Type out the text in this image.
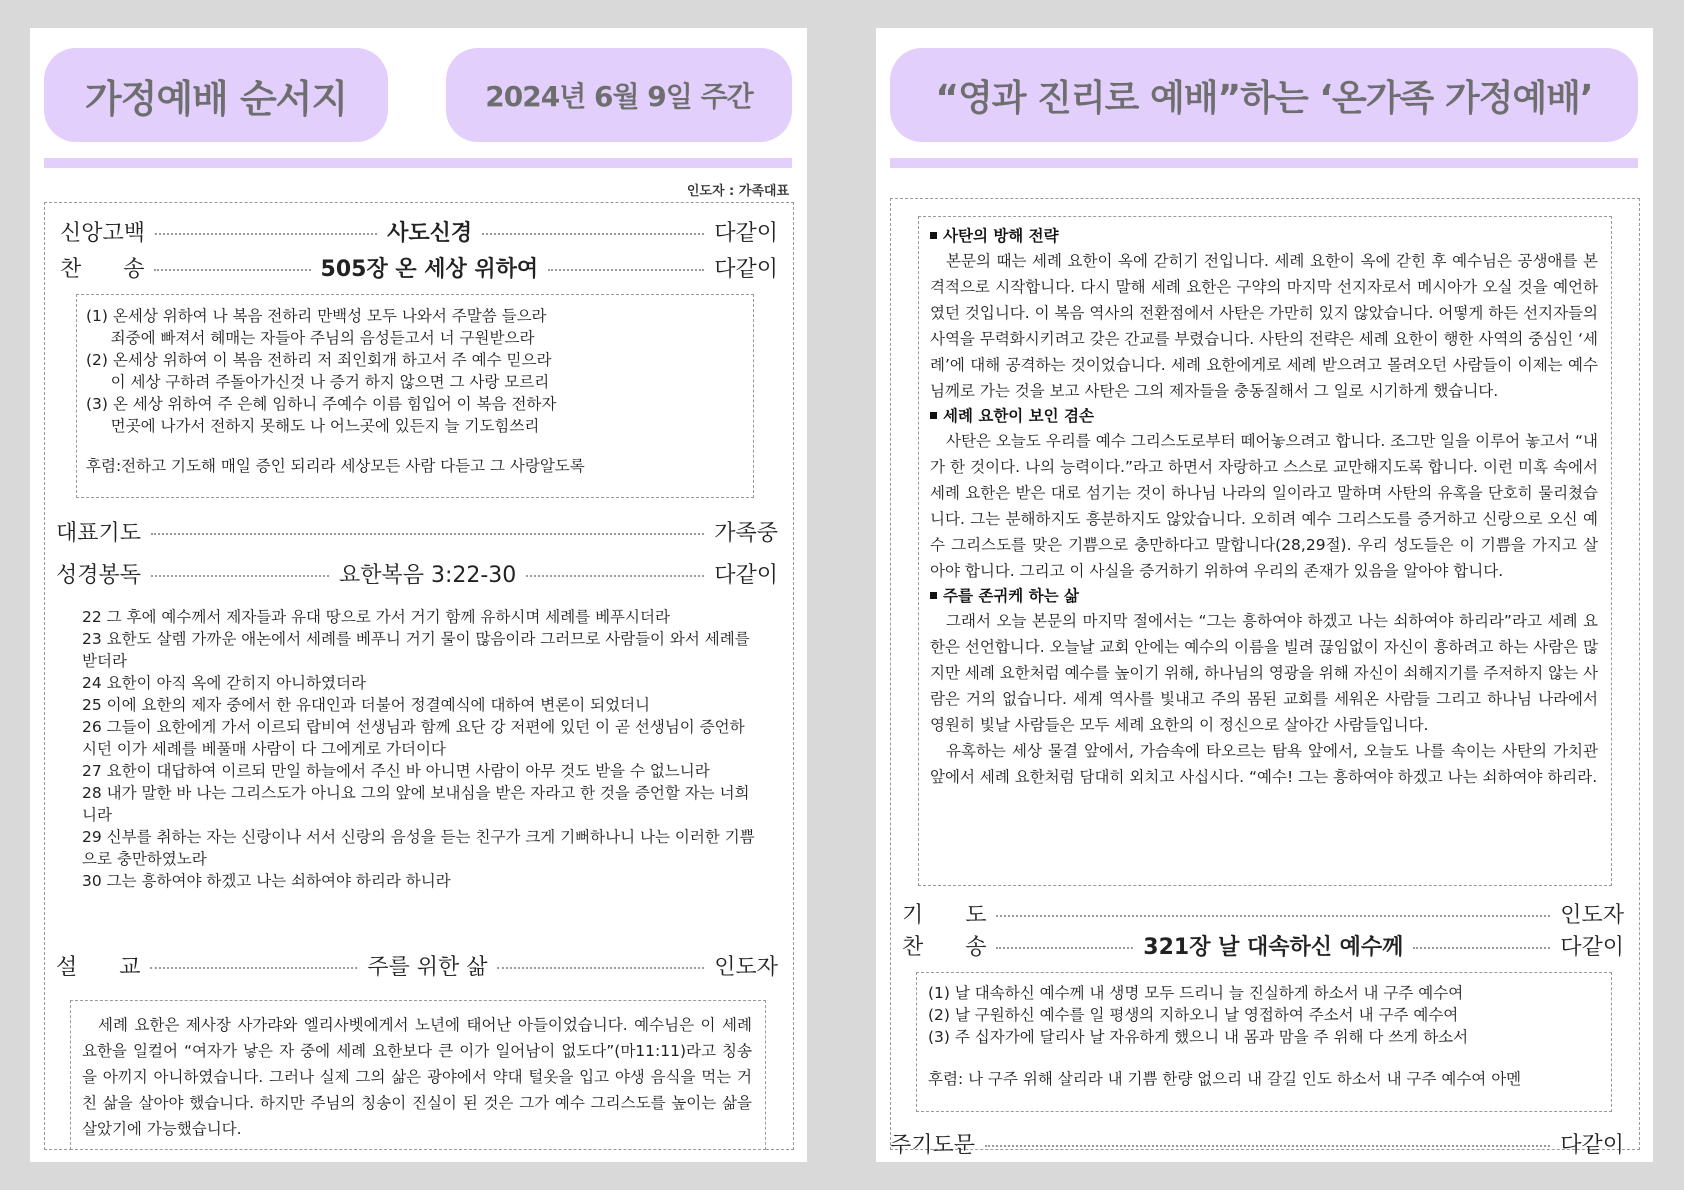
가정예배 순서지	2024년 6월 9일 주간
인도자 : 가족대표
신앙고백	사도신경	다같이
찬      송	505장 온 세상 위하여	다같이
(1) 온세상 위하여 나 복음 전하리 만백성 모두 나와서 주말씀 들으라
죄중에 빠져서 헤매는 자들아 주님의 음성듣고서 너 구원받으라
(2) 온세상 위하여 이 복음 전하리 저 죄인회개 하고서 주 예수 믿으라
이 세상 구하려 주돌아가신것 나 증거 하지 않으면 그 사랑 모르리
(3) 온 세상 위하여 주 은혜 임하니 주예수 이름 힘입어 이 복음 전하자
먼곳에 나가서 전하지 못해도 나 어느곳에 있든지 늘 기도힘쓰리
후렴:전하고 기도해 매일 증인 되리라 세상모든 사람 다듣고 그 사랑알도록
대표기도	가족중
성경봉독	요한복음 3:22-30	다같이
22 그 후에 예수께서 제자들과 유대 땅으로 가서 거기 함께 유하시며 세례를 베푸시더라
23 요한도 살렘 가까운 애논에서 세례를 베푸니 거기 물이 많음이라 그러므로 사람들이 와서 세례를 받더라
24 요한이 아직 옥에 갇히지 아니하였더라
25 이에 요한의 제자 중에서 한 유대인과 더불어 정결예식에 대하여 변론이 되었더니
26 그들이 요한에게 가서 이르되 랍비여 선생님과 함께 요단 강 저편에 있던 이 곧 선생님이 증언하시던 이가 세례를 베풀매 사람이 다 그에게로 가더이다
27 요한이 대답하여 이르되 만일 하늘에서 주신 바 아니면 사람이 아무 것도 받을 수 없느니라
28 내가 말한 바 나는 그리스도가 아니요 그의 앞에 보내심을 받은 자라고 한 것을 증언할 자는 너희니라
29 신부를 취하는 자는 신랑이나 서서 신랑의 음성을 듣는 친구가 크게 기뻐하나니 나는 이러한 기쁨으로 충만하였노라
30 그는 흥하여야 하겠고 나는 쇠하여야 하리라 하니라
설      교	주를 위한 삶	인도자
세례 요한은 제사장 사가랴와 엘리사벳에게서 노년에 태어난 아들이었습니다. 예수님은 이 세례 요한을 일컬어 “여자가 낳은 자 중에 세례 요한보다 큰 이가 일어남이 없도다”(마11:11)라고 칭송을 아끼지 아니하였습니다. 그러나 실제 그의 삶은 광야에서 약대 털옷을 입고 야생 음식을 먹는 거친 삶을 살아야 했습니다. 하지만 주님의 칭송이 진실이 된 것은 그가 예수 그리스도를 높이는 삶을 살았기에 가능했습니다.
“영과 진리로 예배”하는 ‘온가족 가정예배’
사탄의 방해 전략
본문의 때는 세례 요한이 옥에 갇히기 전입니다. 세례 요한이 옥에 갇힌 후 예수님은 공생애를 본격적으로 시작합니다. 다시 말해 세례 요한은 구약의 마지막 선지자로서 메시아가 오실 것을 예언하였던 것입니다. 이 복음 역사의 전환점에서 사탄은 가만히 있지 않았습니다. 어떻게 하든 선지자들의 사역을 무력화시키려고 갖은 간교를 부렸습니다. 사탄의 전략은 세례 요한이 행한 사역의 중심인 ‘세례’에 대해 공격하는 것이었습니다. 세례 요한에게로 세례 받으려고 몰려오던 사람들이 이제는 예수님께로 가는 것을 보고 사탄은 그의 제자들을 충동질해서 그 일로 시기하게 했습니다.
세례 요한이 보인 겸손
사탄은 오늘도 우리를 예수 그리스도로부터 떼어놓으려고 합니다. 조그만 일을 이루어 놓고서 “내가 한 것이다. 나의 능력이다.”라고 하면서 자랑하고 스스로 교만해지도록 합니다. 이런 미혹 속에서 세례 요한은 받은 대로 섬기는 것이 하나님 나라의 일이라고 말하며 사탄의 유혹을 단호히 물리쳤습니다. 그는 분해하지도 흥분하지도 않았습니다. 오히려 예수 그리스도를 증거하고 신랑으로 오신 예수 그리스도를 맞은 기쁨으로 충만하다고 말합니다(28,29절). 우리 성도들은 이 기쁨을 가지고 살아야 합니다. 그리고 이 사실을 증거하기 위하여 우리의 존재가 있음을 알아야 합니다.
주를 존귀케 하는 삶
그래서 오늘 본문의 마지막 절에서는 “그는 흥하여야 하겠고 나는 쇠하여야 하리라”라고 세례 요한은 선언합니다. 오늘날 교회 안에는 예수의 이름을 빌려 끊임없이 자신이 흥하려고 하는 사람은 많지만 세례 요한처럼 예수를 높이기 위해, 하나님의 영광을 위해 자신이 쇠해지기를 주저하지 않는 사람은 거의 없습니다. 세계 역사를 빛내고 주의 몸된 교회를 세워온 사람들 그리고 하나님 나라에서 영원히 빛날 사람들은 모두 세례 요한의 이 정신으로 살아간 사람들입니다.
유혹하는 세상 물결 앞에서, 가슴속에 타오르는 탐욕 앞에서, 오늘도 나를 속이는 사탄의 가치관 앞에서 세례 요한처럼 담대히 외치고 사십시다. “예수! 그는 흥하여야 하겠고 나는 쇠하여야 하리라.
기      도	인도자
찬      송	321장 날 대속하신 예수께	다같이
(1) 날 대속하신 예수께 내 생명 모두 드리니 늘 진실하게 하소서 내 구주 예수여
(2) 날 구원하신 예수를 일 평생의 지하오니 날 영접하여 주소서 내 구주 예수여
(3) 주 십자가에 달리사 날 자유하게 했으니 내 몸과 맘을 주 위해 다 쓰게 하소서
후렴: 나 구주 위해 살리라 내 기쁨 한량 없으리 내 갈길 인도 하소서 내 구주 예수여 아멘
주기도문	다같이
